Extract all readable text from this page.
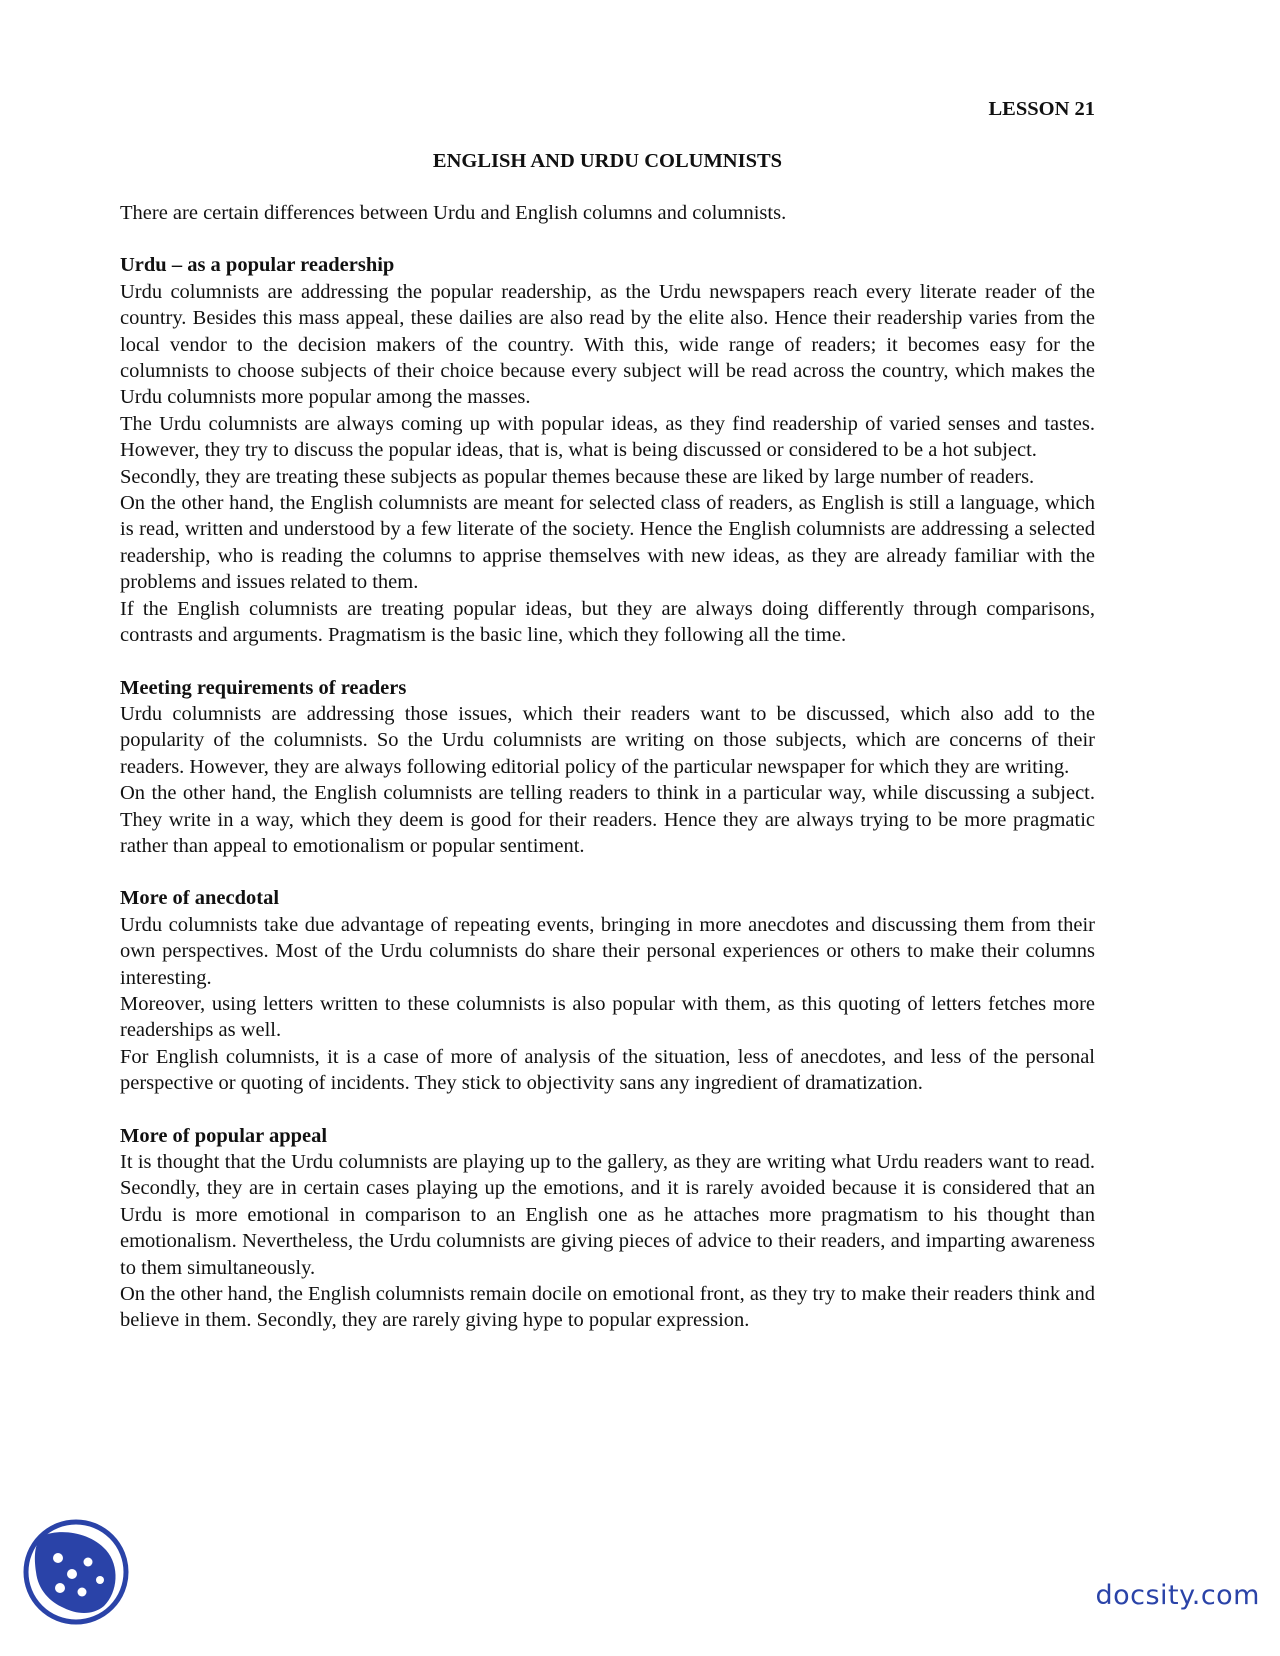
LESSON 21
ENGLISH AND URDU COLUMNISTS

There are certain differences between Urdu and English columns and columnists.

Urdu – as a popular readership

Urdu columnists are addressing the popular readership, as the Urdu newspapers reach every literate reader of the country. Besides this mass appeal, these dailies are also read by the elite also. Hence their readership varies from the local vendor to the decision makers of the country. With this, wide range of readers; it becomes easy for the columnists to choose subjects of their choice because every subject will be read across the country, which makes the Urdu columnists more popular among the masses.

The Urdu columnists are always coming up with popular ideas, as they find readership of varied senses and tastes. However, they try to discuss the popular ideas, that is, what is being discussed or considered to be a hot subject.

Secondly, they are treating these subjects as popular themes because these are liked by large number of readers.

On the other hand, the English columnists are meant for selected class of readers, as English is still a language, which is read, written and understood by a few literate of the society. Hence the English columnists are addressing a selected readership, who is reading the columns to apprise themselves with new ideas, as they are already familiar with the problems and issues related to them.

If the English columnists are treating popular ideas, but they are always doing differently through comparisons, contrasts and arguments. Pragmatism is the basic line, which they following all the time.

Meeting requirements of readers

Urdu columnists are addressing those issues, which their readers want to be discussed, which also add to the popularity of the columnists. So the Urdu columnists are writing on those subjects, which are concerns of their readers. However, they are always following editorial policy of the particular newspaper for which they are writing.

On the other hand, the English columnists are telling readers to think in a particular way, while discussing a subject. They write in a way, which they deem is good for their readers. Hence they are always trying to be more pragmatic rather than appeal to emotionalism or popular sentiment.

More of anecdotal

Urdu columnists take due advantage of repeating events, bringing in more anecdotes and discussing them from their own perspectives. Most of the Urdu columnists do share their personal experiences or others to make their columns interesting.

Moreover, using letters written to these columnists is also popular with them, as this quoting of letters fetches more readerships as well.

For English columnists, it is a case of more of analysis of the situation, less of anecdotes, and less of the personal perspective or quoting of incidents. They stick to objectivity sans any ingredient of dramatization.

More of popular appeal

It is thought that the Urdu columnists are playing up to the gallery, as they are writing what Urdu readers want to read. Secondly, they are in certain cases playing up the emotions, and it is rarely avoided because it is considered that an Urdu is more emotional in comparison to an English one as he attaches more pragmatism to his thought than emotionalism. Nevertheless, the Urdu columnists are giving pieces of advice to their readers, and imparting awareness to them simultaneously.

On the other hand, the English columnists remain docile on emotional front, as they try to make their readers think and believe in them. Secondly, they are rarely giving hype to popular expression.

docsity.com
